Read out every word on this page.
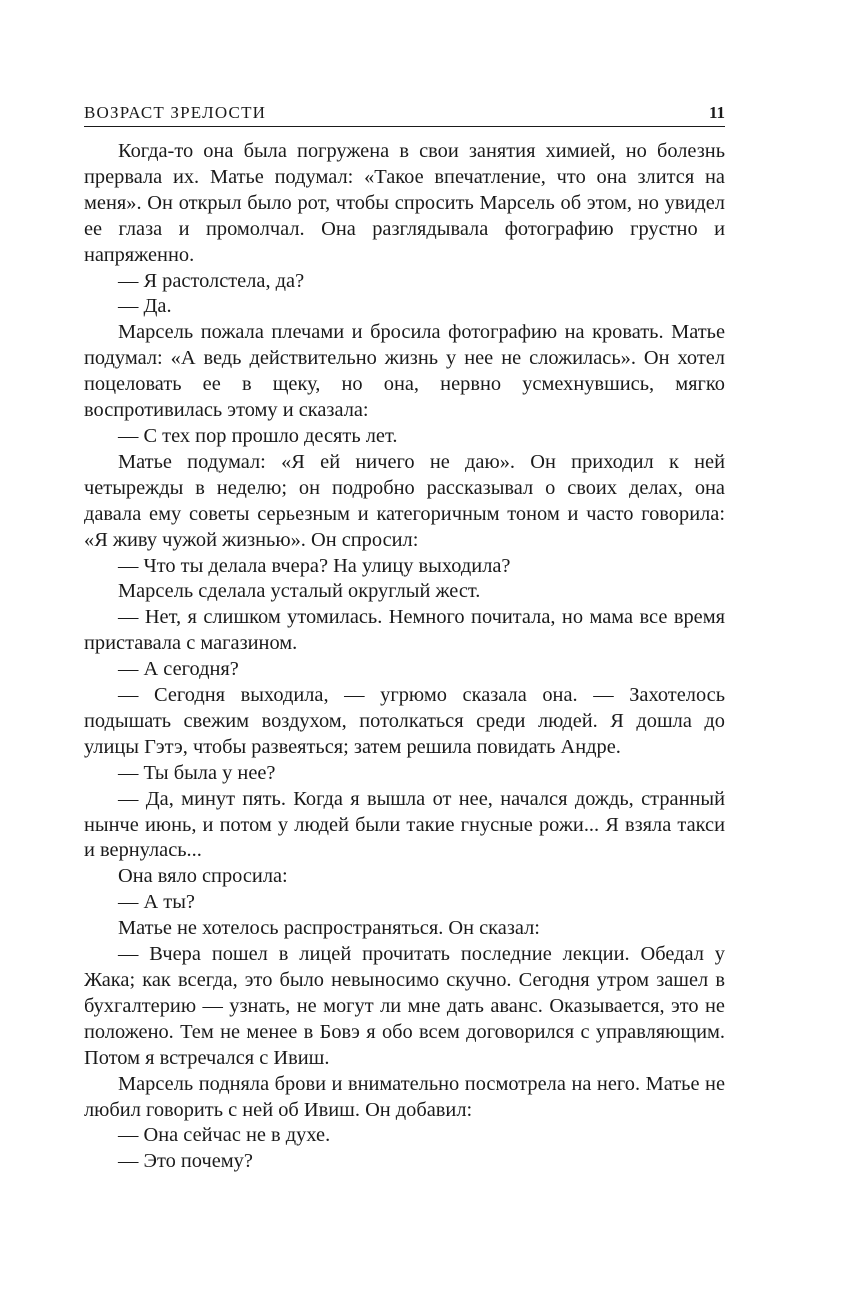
ВОЗРАСТ ЗРЕЛОСТИ	11

Когда-то она была погружена в свои занятия химией, но болезнь прервала их. Матье подумал: «Такое впечатление, что она злится на меня». Он открыл было рот, чтобы спросить Марсель об этом, но увидел ее глаза и промолчал. Она разглядывала фотографию грустно и напряженно.

— Я растолстела, да?

— Да.

Марсель пожала плечами и бросила фотографию на кровать. Матье подумал: «А ведь действительно жизнь у нее не сложилась». Он хотел поцеловать ее в щеку, но она, нервно усмехнувшись, мягко воспротивилась этому и сказала:

— С тех пор прошло десять лет.

Матье подумал: «Я ей ничего не даю». Он приходил к ней четырежды в неделю; он подробно рассказывал о своих делах, она давала ему советы серьезным и категоричным тоном и часто говорила: «Я живу чужой жизнью». Он спросил:

— Что ты делала вчера? На улицу выходила?

Марсель сделала усталый округлый жест.

— Нет, я слишком утомилась. Немного почитала, но мама все время приставала с магазином.

— А сегодня?

— Сегодня выходила, — угрюмо сказала она. — Захотелось подышать свежим воздухом, потолкаться среди людей. Я дошла до улицы Гэтэ, чтобы развеяться; затем решила повидать Андре.

— Ты была у нее?

— Да, минут пять. Когда я вышла от нее, начался дождь, странный нынче июнь, и потом у людей были такие гнусные рожи... Я взяла такси и вернулась...

Она вяло спросила:

— А ты?

Матье не хотелось распространяться. Он сказал:

— Вчера пошел в лицей прочитать последние лекции. Обедал у Жака; как всегда, это было невыносимо скучно. Сегодня утром зашел в бухгалтерию — узнать, не могут ли мне дать аванс. Оказывается, это не положено. Тем не менее в Бовэ я обо всем договорился с управляющим. Потом я встречался с Ивиш.

Марсель подняла брови и внимательно посмотрела на него. Матье не любил говорить с ней об Ивиш. Он добавил:

— Она сейчас не в духе.

— Это почему?
